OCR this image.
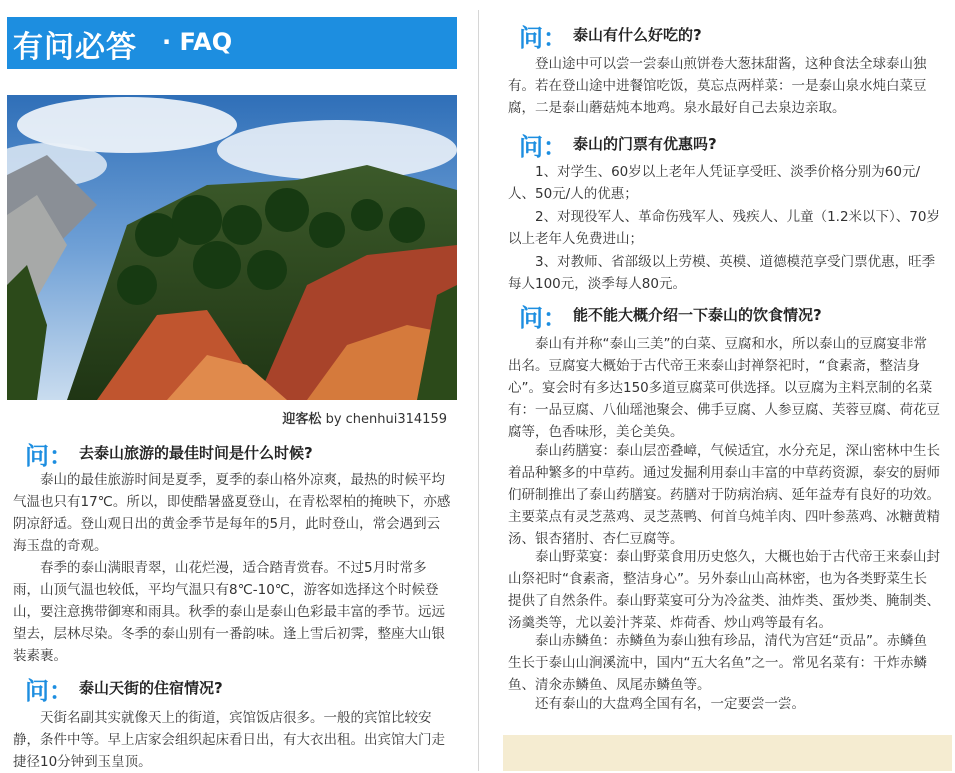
有问必答 · FAQ
迎客松 by chenhui314159
问： 去泰山旅游的最佳时间是什么时候?

泰山的最佳旅游时间是夏季，夏季的泰山格外凉爽，最热的时候平均气温也只有17℃。所以，即使酷暑盛夏登山，在青松翠柏的掩映下，亦感阴凉舒适。登山观日出的黄金季节是每年的5月，此时登山，常会遇到云海玉盘的奇观。

春季的泰山满眼青翠，山花烂漫，适合踏青赏春。不过5月时常多雨，山顶气温也较低，平均气温只有8℃-10℃，游客如选择这个时候登山，要注意携带御寒和雨具。秋季的泰山是泰山色彩最丰富的季节。远远望去，层林尽染。冬季的泰山别有一番韵味。逢上雪后初霁，整座大山银装素裹。

问： 泰山天街的住宿情况?

天街名副其实就像天上的街道，宾馆饭店很多。一般的宾馆比较安静，条件中等。早上店家会组织起床看日出，有大衣出租。出宾馆大门走捷径10分钟到玉皇顶。

问： 泰山有什么好吃的?

登山途中可以尝一尝泰山煎饼卷大葱抹甜酱，这种食法全球泰山独有。若在登山途中进餐馆吃饭，莫忘点两样菜：一是泰山泉水炖白菜豆腐，二是泰山蘑菇炖本地鸡。泉水最好自己去泉边亲取。

问： 泰山的门票有优惠吗?

1、对学生、60岁以上老年人凭证享受旺、淡季价格分别为60元/人、50元/人的优惠；

2、对现役军人、革命伤残军人、残疾人、儿童（1.2米以下）、70岁以上老年人免费进山；

3、对教师、省部级以上劳模、英模、道德模范享受门票优惠，旺季每人100元，淡季每人80元。

问： 能不能大概介绍一下泰山的饮食情况?

泰山有并称“泰山三美”的白菜、豆腐和水，所以泰山的豆腐宴非常出名。豆腐宴大概始于古代帝王来泰山封禅祭祀时，“食素斋，整洁身心”。宴会时有多达150多道豆腐菜可供选择。以豆腐为主料烹制的名菜有：一品豆腐、八仙瑶池聚会、佛手豆腐、人参豆腐、芙蓉豆腐、荷花豆腐等，色香味形，美仑美奂。

泰山药膳宴：泰山层峦叠嶂，气候适宜，水分充足，深山密林中生长着品种繁多的中草药。通过发掘利用泰山丰富的中草药资源，泰安的厨师们研制推出了泰山药膳宴。药膳对于防病治病、延年益寿有良好的功效。主要菜点有灵芝蒸鸡、灵芝蒸鸭、何首乌炖羊肉、四叶参蒸鸡、冰糖黄精汤、银杏猪肘、杏仁豆腐等。

泰山野菜宴：泰山野菜食用历史悠久，大概也始于古代帝王来泰山封山祭祀时“食素斋，整洁身心”。另外泰山山高林密，也为各类野菜生长提供了自然条件。泰山野菜宴可分为冷盆类、油炸类、蛋炒类、腌制类、汤羹类等，尤以姜汁荠菜、炸荷香、炒山鸡等最有名。

泰山赤鳞鱼：赤鳞鱼为泰山独有珍品，清代为宫廷“贡品”。赤鳞鱼生长于泰山山涧溪流中，国内“五大名鱼”之一。常见名菜有：干炸赤鳞鱼、清氽赤鳞鱼、凤尾赤鳞鱼等。

还有泰山的大盘鸡全国有名，一定要尝一尝。
